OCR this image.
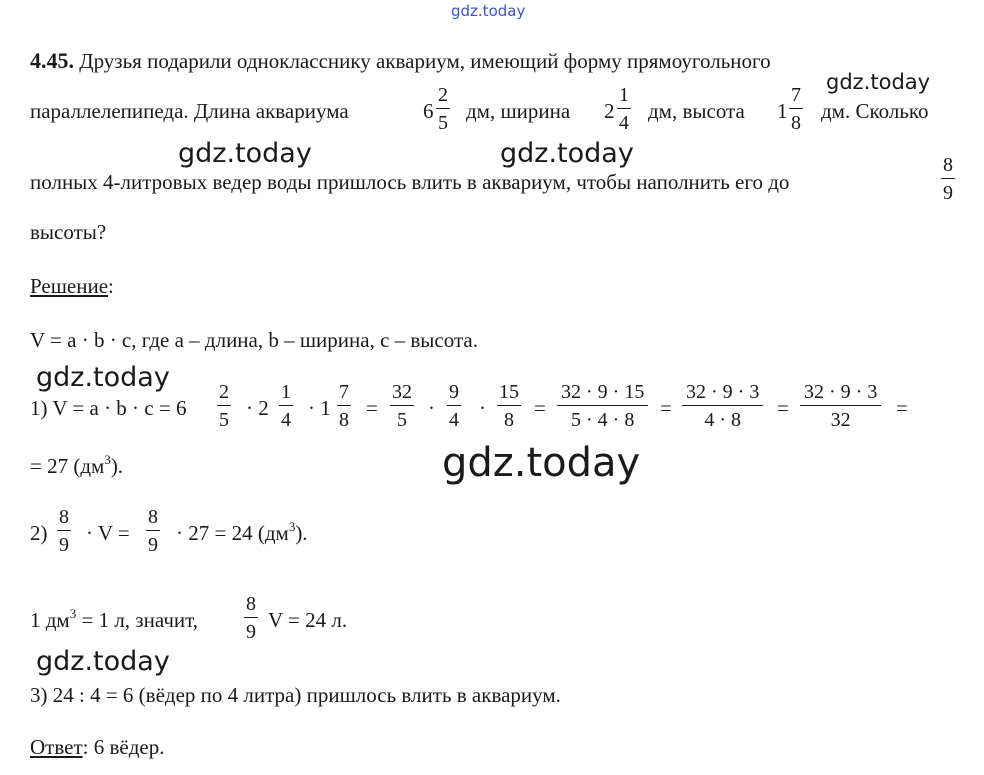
gdz.today
gdz.today
gdz.today	gdz.today
gdz.today
gdz.today
gdz.today
4.45. Друзья подарили однокласснику аквариум, имеющий форму прямоугольного
параллелепипеда. Длина аквариума	6
2
5 дм, ширина 2
1
4 дм, высота 1
7
8 дм. Сколько
полных 4-литровых ведер воды пришлось влить в аквариум, чтобы наполнить его до
8
9
высоты?
Решение:
V = a · b · c, где a – длина, b – ширина, c – высота.
1) V = a · b · c = 6
2
5 · 2
1
4 · 1
7
8 =
32
5	·
9
4 ·
15
8 =
32 · 9 · 15
5 · 4 · 8	=
32 · 9 · 3
4 · 8	=
32 · 9 · 3
32	=
= 27 $(дм^3)$.
2)
8
9 · V =
8
9 · 27 = 24 $(дм^3)$.
1 $дм^3 = 1$ л, значит,
8
9 V = 24 л.
3) 24 : 4 = 6 (вёдер по 4 литра) пришлось влить в аквариум.
Ответ: 6 вёдер.
